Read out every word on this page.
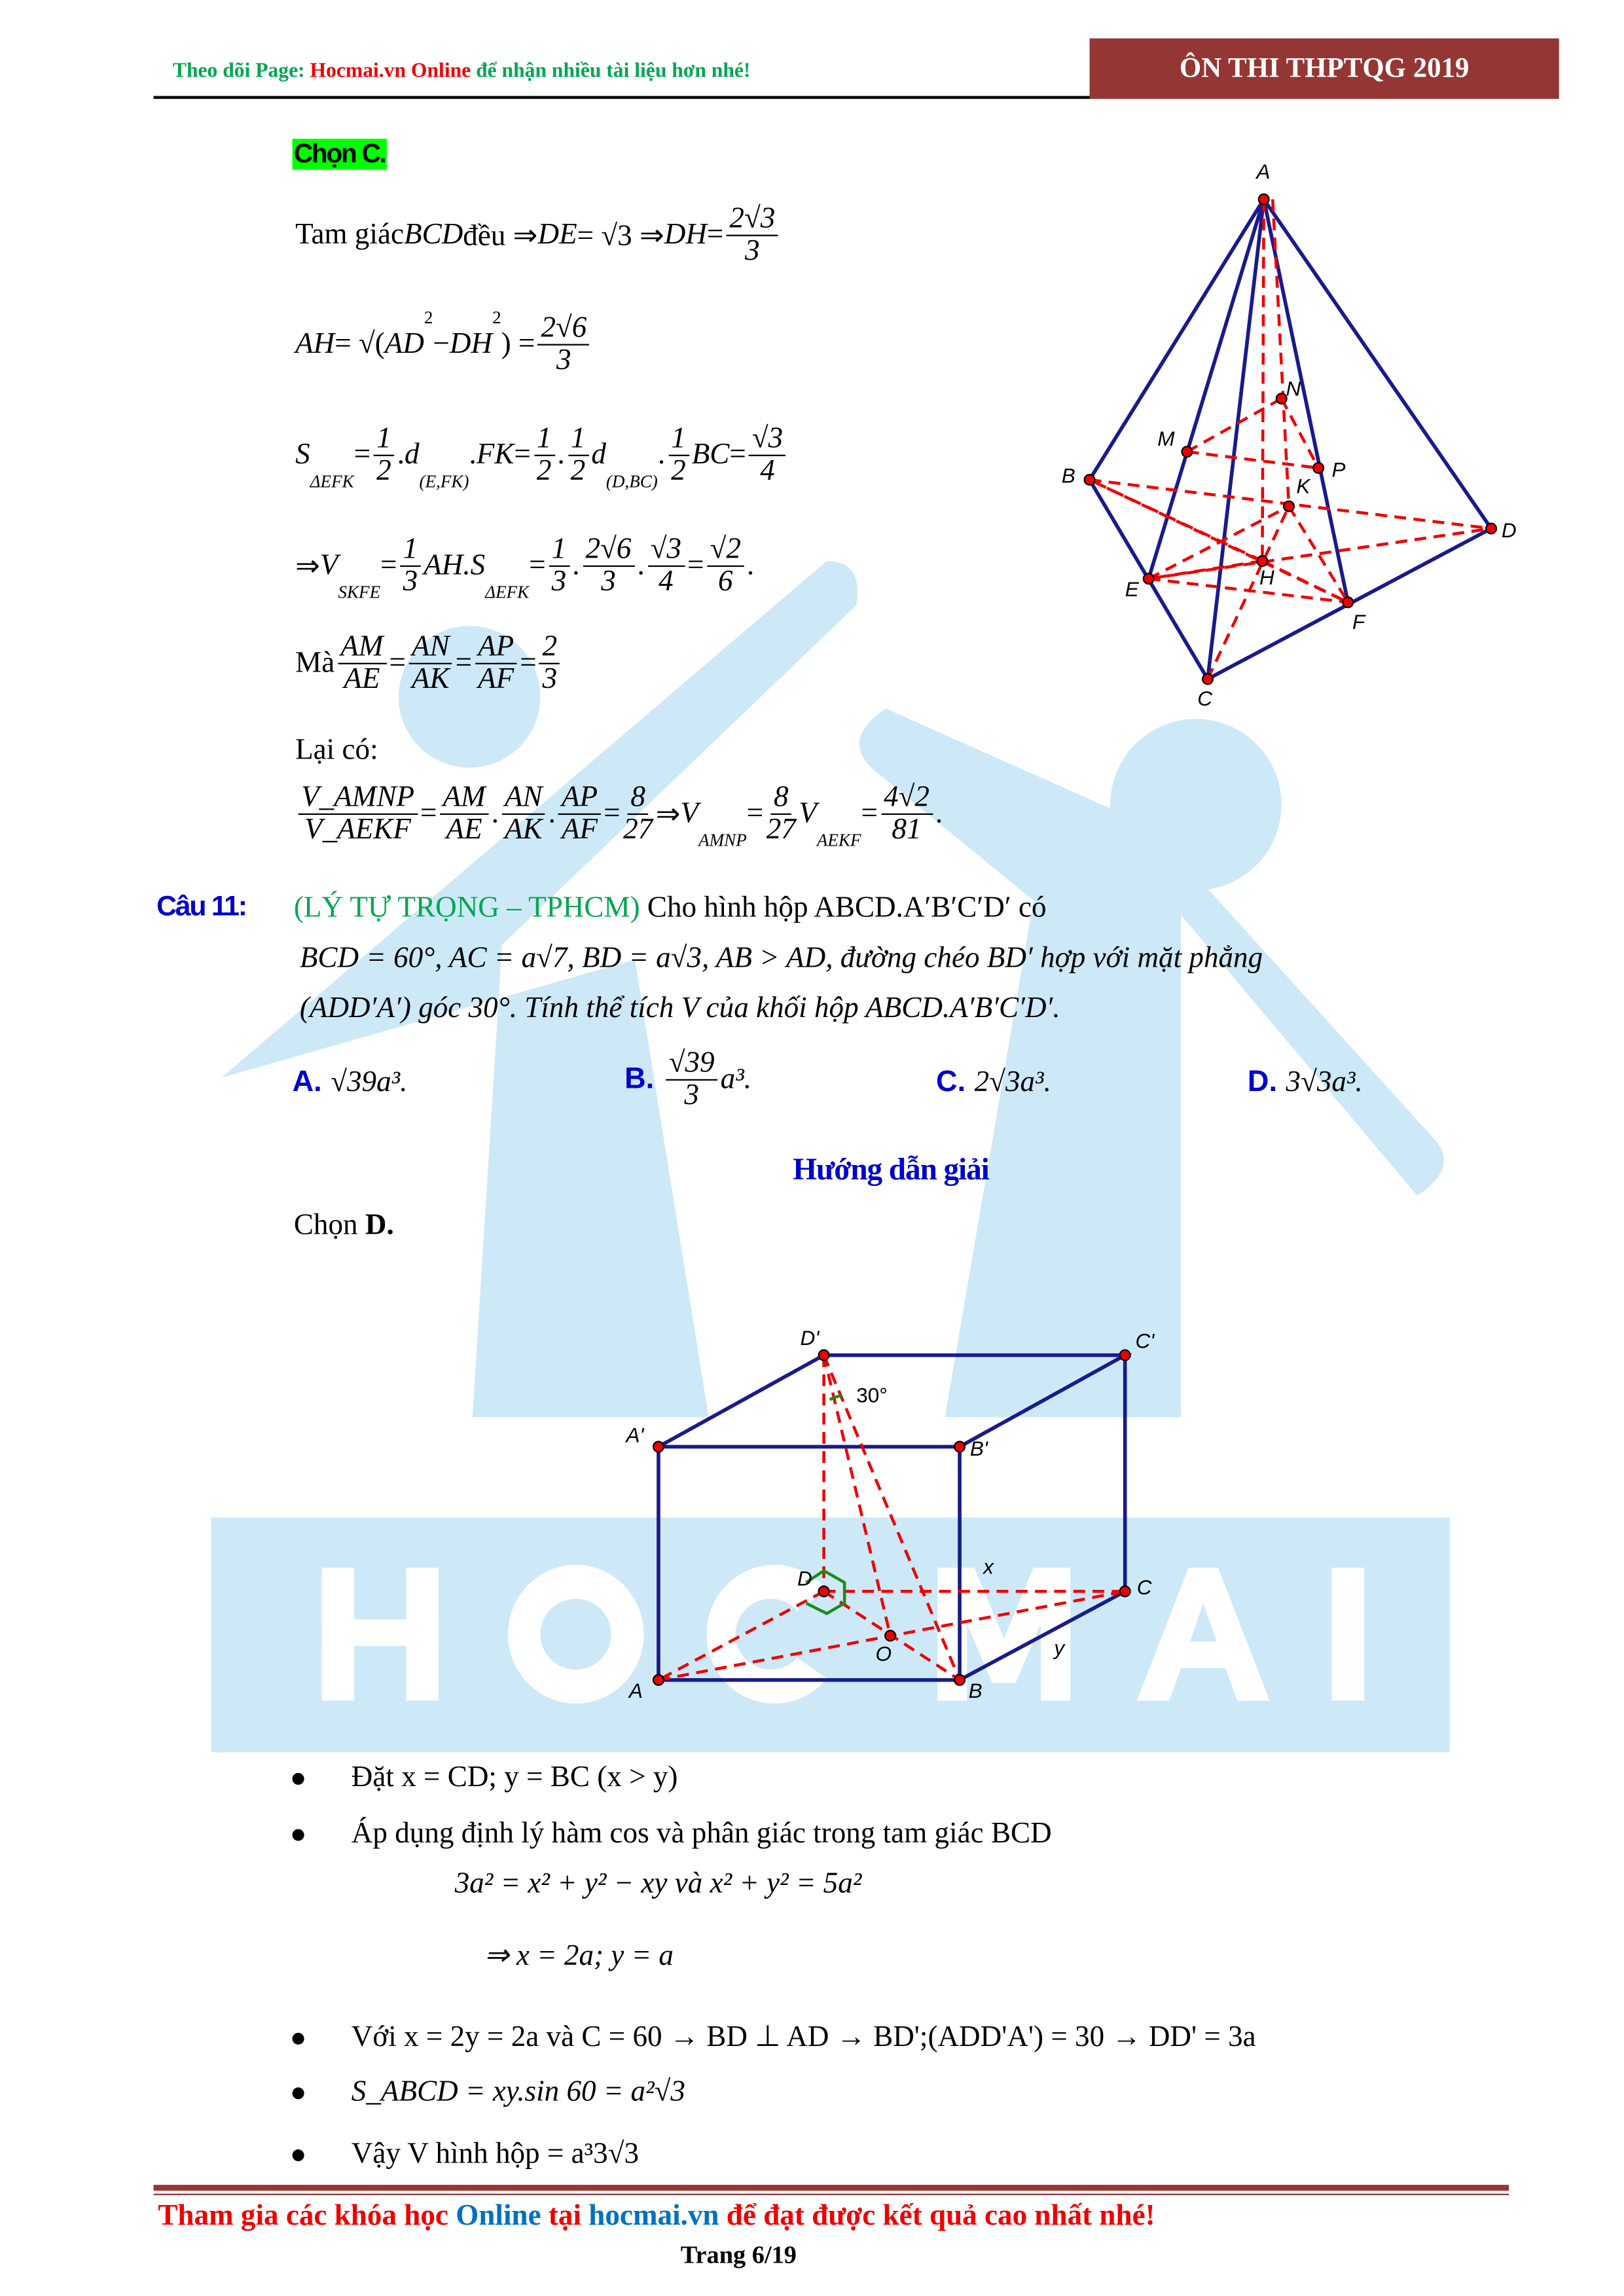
Theo dõi Page: Hocmai.vn Online để nhận nhiều tài liệu hơn nhé!	ÔN THI THPTQG 2019
Chọn C.
Tam giác BCD đều ⇒ DE = √3 ⇒ DH = $\frac{2√3}{3}$
AH = √( AD
2
− DH
2
) = $\frac{2√6}{3}$
S
ΔEFK
= $\frac{1}{2}$ . d
(E,FK)
. FK = $\frac{1}{2}$ . $\frac{1}{2}$ d
(D,BC)
. $\frac{1}{2}$ BC = $\frac{√3}{4}$
⇒ V
SKFE
= $\frac{1}{3} AH.S$
ΔEFK
= $\frac{1}{3}$ . $\frac{2√6}{3}$ . $\frac{√3}{4} = \frac{√2}{6}$ .
Mà $\frac{AM}{AE} = \frac{AN}{AK} = \frac{AP}{AF} = \frac{2}{3}$
Lại có:
$\frac{\text{V\_AMNP}}{\text{V\_AEKF}} = \frac{AM}{AE}$ . $\frac{AN}{AK}$ . $\frac{AP}{AF} = \frac{8}{27}$ ⇒ V
AMNP
= $\frac{8}{27}$ V
AEKF
= $\frac{4√2}{81}$ .
A
B
C
D
E
F
M
N
P
K
H
Câu 11:	(LÝ TỰ TRỌNG – TPHCM) Cho hình hộp ABCD.A′B′C′D′ có
BCD = 60°, AC = a√7, BD = a√3, AB > AD, đường chéo BD′ hợp với mặt phẳng
(ADD′A′) góc 30°. Tính thể tích V của khối hộp ABCD.A′B′C′D′.
A. √39a³.	B. $\frac{√39}{3} a^3$.	C. 2√3a³.	D. 3√3a³.
Hướng dẫn giải
Chọn D.
D'	C'
A'
B'
D	C
A	B
O
x
y
30°
Đặt x = CD; y = BC (x > y)
Áp dụng định lý hàm cos và phân giác trong tam giác BCD
3a² = x² + y² − xy và x² + y² = 5a²
⇒ x = 2a; y = a
Với x = 2y = 2a và C = 60 → BD ⊥ AD → BD';(ADD'A') = 30 → DD' = 3a
S_ABCD = xy.sin 60 = a²√3
Vậy V hình hộp = a³3√3
Tham gia các khóa học Online tại hocmai.vn để đạt được kết quả cao nhất nhé!
Trang 6/19
